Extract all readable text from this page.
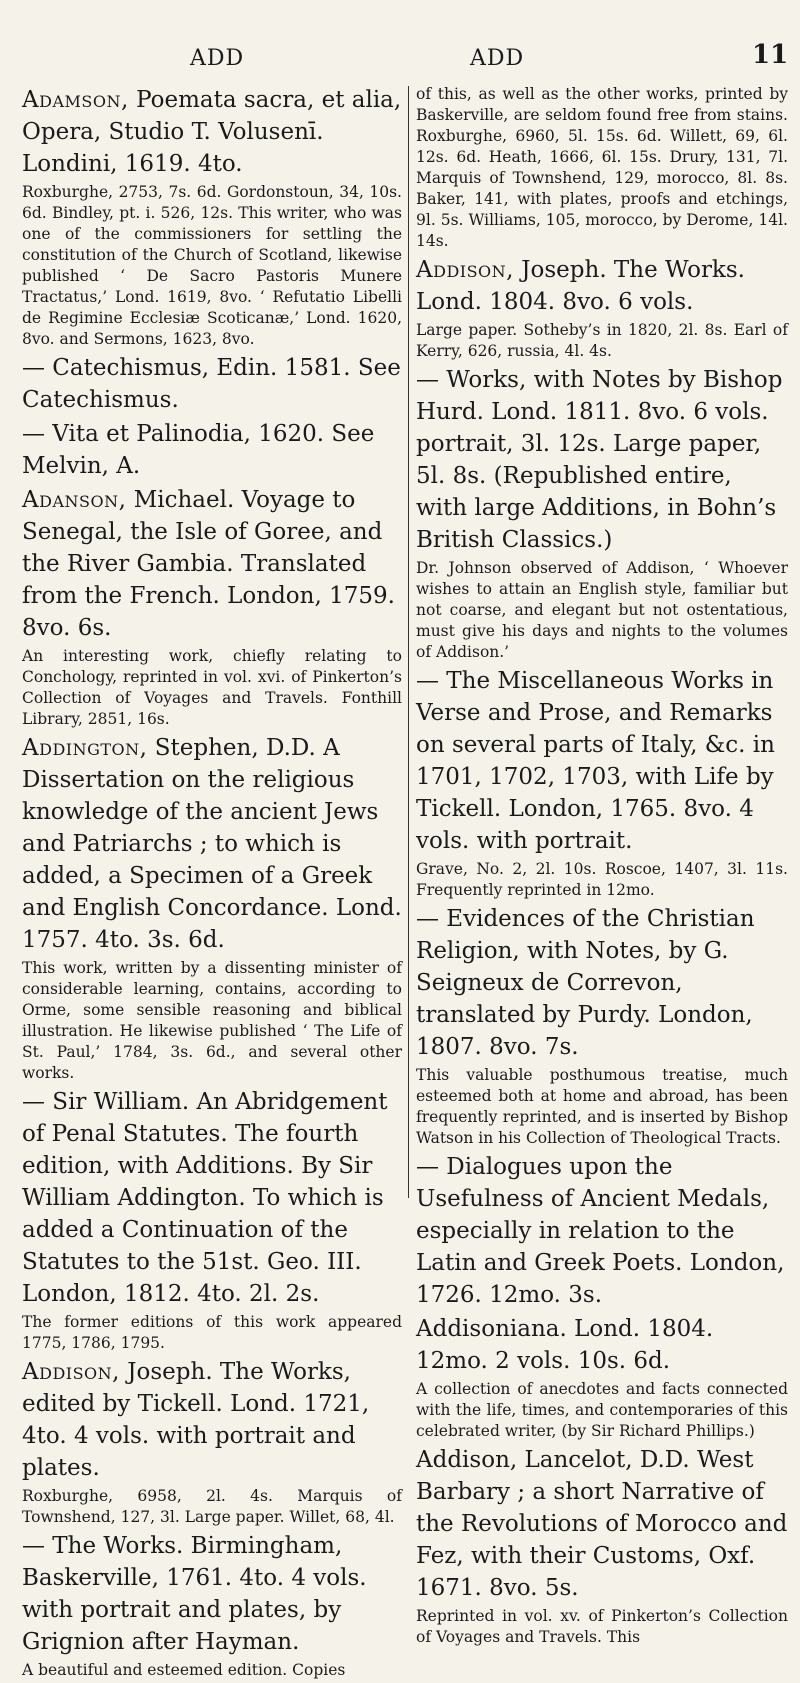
ADD	ADD	11

Adamson, Poemata sacra, et alia, Opera, Studio T. Volusenī. Londini, 1619. 4to.

Roxburghe, 2753, 7s. 6d. Gordonstoun, 34, 10s. 6d. Bindley, pt. i. 526, 12s. This writer, who was one of the commissioners for settling the constitution of the Church of Scotland, likewise published ‘ De Sacro Pastoris Munere Tractatus,’ Lond. 1619, 8vo. ‘ Refutatio Libelli de Regimine Ecclesiæ Scoticanæ,’ Lond. 1620, 8vo. and Sermons, 1623, 8vo.

— Catechismus, Edin. 1581. See Catechismus.

— Vita et Palinodia, 1620. See Melvin, A.

Adanson, Michael. Voyage to Senegal, the Isle of Goree, and the River Gambia. Translated from the French. London, 1759. 8vo. 6s.

An interesting work, chiefly relating to Conchology, reprinted in vol. xvi. of Pinkerton’s Collection of Voyages and Travels. Fonthill Library, 2851, 16s.

Addington, Stephen, D.D. A Dissertation on the religious knowledge of the ancient Jews and Patriarchs ; to which is added, a Specimen of a Greek and English Concordance. Lond. 1757. 4to. 3s. 6d.

This work, written by a dissenting minister of considerable learning, contains, according to Orme, some sensible reasoning and biblical illustration. He likewise published ‘ The Life of St. Paul,’ 1784, 3s. 6d., and several other works.

— Sir William. An Abridgement of Penal Statutes. The fourth edition, with Additions. By Sir William Addington. To which is added a Continuation of the Statutes to the 51st. Geo. III. London, 1812. 4to. 2l. 2s.

The former editions of this work appeared 1775, 1786, 1795.

Addison, Joseph. The Works, edited by Tickell. Lond. 1721, 4to. 4 vols. with portrait and plates.

Roxburghe, 6958, 2l. 4s. Marquis of Townshend, 127, 3l. Large paper. Willet, 68, 4l.

— The Works. Birmingham, Baskerville, 1761. 4to. 4 vols. with portrait and plates, by Grignion after Hayman.

A beautiful and esteemed edition. Copies

of this, as well as the other works, printed by Baskerville, are seldom found free from stains. Roxburghe, 6960, 5l. 15s. 6d. Willett, 69, 6l. 12s. 6d. Heath, 1666, 6l. 15s. Drury, 131, 7l. Marquis of Townshend, 129, morocco, 8l. 8s. Baker, 141, with plates, proofs and etchings, 9l. 5s. Williams, 105, morocco, by Derome, 14l. 14s.

Addison, Joseph. The Works. Lond. 1804. 8vo. 6 vols.

Large paper. Sotheby’s in 1820, 2l. 8s. Earl of Kerry, 626, russia, 4l. 4s.

— Works, with Notes by Bishop Hurd. Lond. 1811. 8vo. 6 vols. portrait, 3l. 12s. Large paper, 5l. 8s. (Republished entire, with large Additions, in Bohn’s British Classics.)

Dr. Johnson observed of Addison, ‘ Whoever wishes to attain an English style, familiar but not coarse, and elegant but not ostentatious, must give his days and nights to the volumes of Addison.’

— The Miscellaneous Works in Verse and Prose, and Remarks on several parts of Italy, &c. in 1701, 1702, 1703, with Life by Tickell. London, 1765. 8vo. 4 vols. with portrait.

Grave, No. 2, 2l. 10s. Roscoe, 1407, 3l. 11s. Frequently reprinted in 12mo.

— Evidences of the Christian Religion, with Notes, by G. Seigneux de Correvon, translated by Purdy. London, 1807. 8vo. 7s.

This valuable posthumous treatise, much esteemed both at home and abroad, has been frequently reprinted, and is inserted by Bishop Watson in his Collection of Theological Tracts.

— Dialogues upon the Usefulness of Ancient Medals, especially in relation to the Latin and Greek Poets. London, 1726. 12mo. 3s.

Addisoniana. Lond. 1804. 12mo. 2 vols. 10s. 6d.

A collection of anecdotes and facts connected with the life, times, and contemporaries of this celebrated writer, (by Sir Richard Phillips.)

Addison, Lancelot, D.D. West Barbary ; a short Narrative of the Revolutions of Morocco and Fez, with their Customs, Oxf. 1671. 8vo. 5s.

Reprinted in vol. xv. of Pinkerton’s Collection of Voyages and Travels. This
